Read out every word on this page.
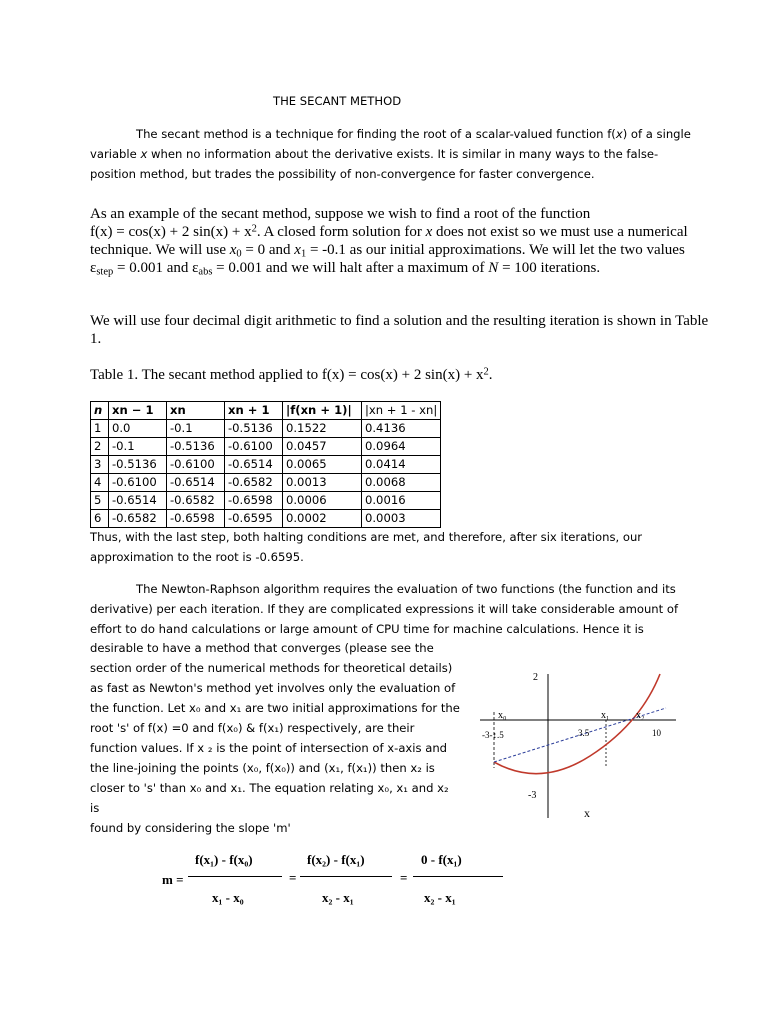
THE SECANT METHOD
The secant method is a technique for finding the root of a scalar-valued function f(x) of a single variable x when no information about the derivative exists. It is similar in many ways to the false-position method, but trades the possibility of non-convergence for faster convergence.
As an example of the secant method, suppose we wish to find a root of the function
f(x) = cos(x) + 2 $\sin(x) + x^2$. A closed form solution for x does not exist so we must use a numerical technique. We will use $x_0 = 0$ and $x_1 = -0.1$ as our initial approximations. We will let the two values $\varepsilon_{step} = 0.001$ and $\varepsilon_{abs} = 0.001$ and we will halt after a maximum of N = 100 iterations.
We will use four decimal digit arithmetic to find a solution and the resulting iteration is shown in Table 1.
Table 1. The secant method applied to f(x) = cos(x) + 2 $\sin(x) + x^2$.
n	xn − 1	xn	xn + 1	|f(xn + 1)|	|xn + 1 - xn|
1	0.0	-0.1	-0.5136	0.1522	0.4136
2	-0.1	-0.5136	-0.6100	0.0457	0.0964
3	-0.5136	-0.6100	-0.6514	0.0065	0.0414
4	-0.6100	-0.6514	-0.6582	0.0013	0.0068
5	-0.6514	-0.6582	-0.6598	0.0006	0.0016
6	-0.6582	-0.6598	-0.6595	0.0002	0.0003
Thus, with the last step, both halting conditions are met, and therefore, after six iterations, our approximation to the root is -0.6595.
The Newton-Raphson algorithm requires the evaluation of two functions (the function and its derivative) per each iteration. If they are complicated expressions it will take considerable amount of effort to do hand calculations or large amount of CPU time for machine calculations. Hence it is
desirable to have a method that converges (please see the
section order of the numerical methods for theoretical details)
as fast as Newton's method yet involves only the evaluation of
the function. Let x₀ and x₁ are two initial approximations for the
root 's' of f(x) =0 and f(x₀) & f(x₁) respectively, are their
function values. If x ₂ is the point of intersection of x-axis and
the line-joining the points (x₀, f(x₀)) and (x₁, f(x₁)) then x₂ is
closer to 's' than x₀ and x₁. The equation relating x₀, x₁ and x₂ is
found by considering the slope 'm'
2
-3
x₀	x₁	x₂
-3-↕.5	3.5	10
x
m =
f(x₁) - f(x₀)
x₁ - x₀
=
f(x₂) - f(x₁)
x₂ - x₁
=
0 - f(x₁)
x₂ - x₁
